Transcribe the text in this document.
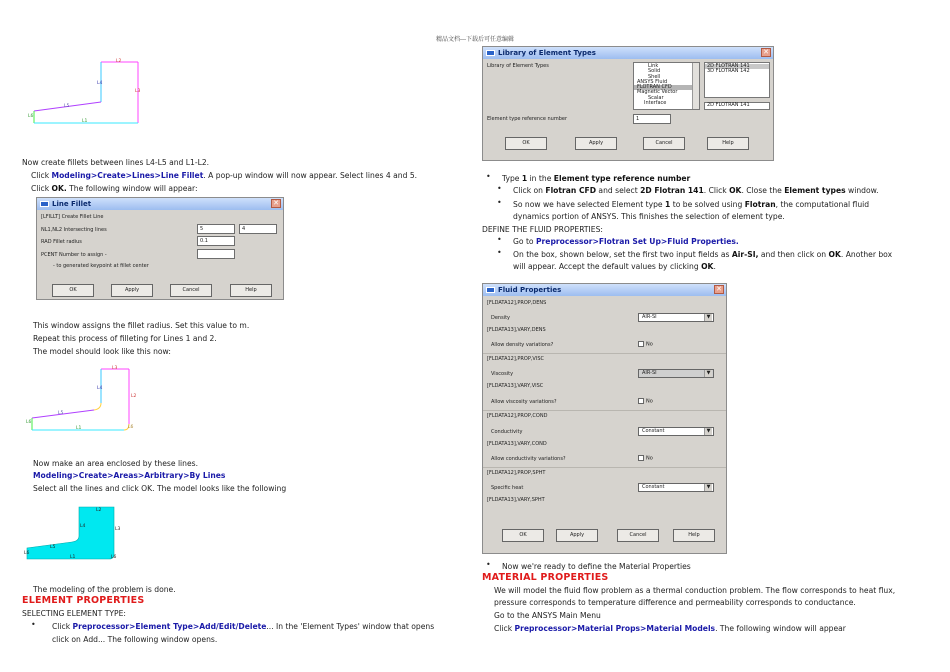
精品文档---下载后可任意编辑
L2
L3
L4
L5
L6
L1
Now create fillets between lines L4-L5 and L1-L2.
Click Modeling>Create>Lines>Line Fillet. A pop-up window will now appear. Select lines 4 and 5.
Click OK. The following window will appear:
Line Fillet	✕
[LFILLT] Create Fillet Line
NL1,NL2 Intersecting lines	5	4
RAD Fillet radius	0.1
PCENT Number to assign -
- to generated keypoint at fillet center
OK	Apply	Cancel	Help
This window assigns the fillet radius. Set this value to m.
Repeat this process of filleting for Lines 1 and 2.
The model should look like this now:
L3
L4
L2
L5
L6
L1	L6
Now make an area enclosed by these lines.
Modeling>Create>Areas>Arbitrary>By Lines
Select all the lines and click OK. The model looks like the following
L2
L3
L4
L5
L6
L1	L6
The modeling of the problem is done.
ELEMENT PROPERTIES
SELECTING ELEMENT TYPE:
• Click Preprocessor>Element Type>Add/Edit/Delete... In the 'Element Types' window that opens
click on Add... The following window opens.
Library of Element Types	✕
Library of Element Types	Link
Solid
Shell
ANSYS Fluid
FLOTRAN CFD
Magnetic Vector
Scalar
Interface
2D FLOTRAN 141
3D FLOTRAN 142
2D FLOTRAN 141
Element type reference number	1
OK	Apply	Cancel	Help
• Type 1 in the Element type reference number
• Click on Flotran CFD and select 2D Flotran 141. Click OK. Close the Element types window.
• So now we have selected Element type 1 to be solved using Flotran, the computational fluid
dynamics portion of ANSYS. This finishes the selection of element type.
DEFINE THE FLUID PROPERTIES:
• Go to Preprocessor>Flotran Set Up>Fluid Properties.
• On the box, shown below, set the first two input fields as Air-SI, and then click on OK. Another box
will appear. Accept the default values by clicking OK.
Fluid Properties	✕
[FLDATA12],PROP,DENS
Density	AIR-SI	▼
[FLDATA13],VARY,DENS
Allow density variations?	No
[FLDATA12],PROP,VISC
Viscosity	AIR-SI	▼
[FLDATA13],VARY,VISC
Allow viscosity variations?	No
[FLDATA12],PROP,COND
Conductivity	Constant	▼
[FLDATA13],VARY,COND
Allow conductivity variations?	No
[FLDATA12],PROP,SPHT
Specific heat	Constant	▼
[FLDATA13],VARY,SPHT
OK	Apply	Cancel	Help
• Now we're ready to define the Material Properties
MATERIAL PROPERTIES
We will model the fluid flow problem as a thermal conduction problem. The flow corresponds to heat flux,
pressure corresponds to temperature difference and permeability corresponds to conductance.
Go to the ANSYS Main Menu
Click Preprocessor>Material Props>Material Models. The following window will appear
